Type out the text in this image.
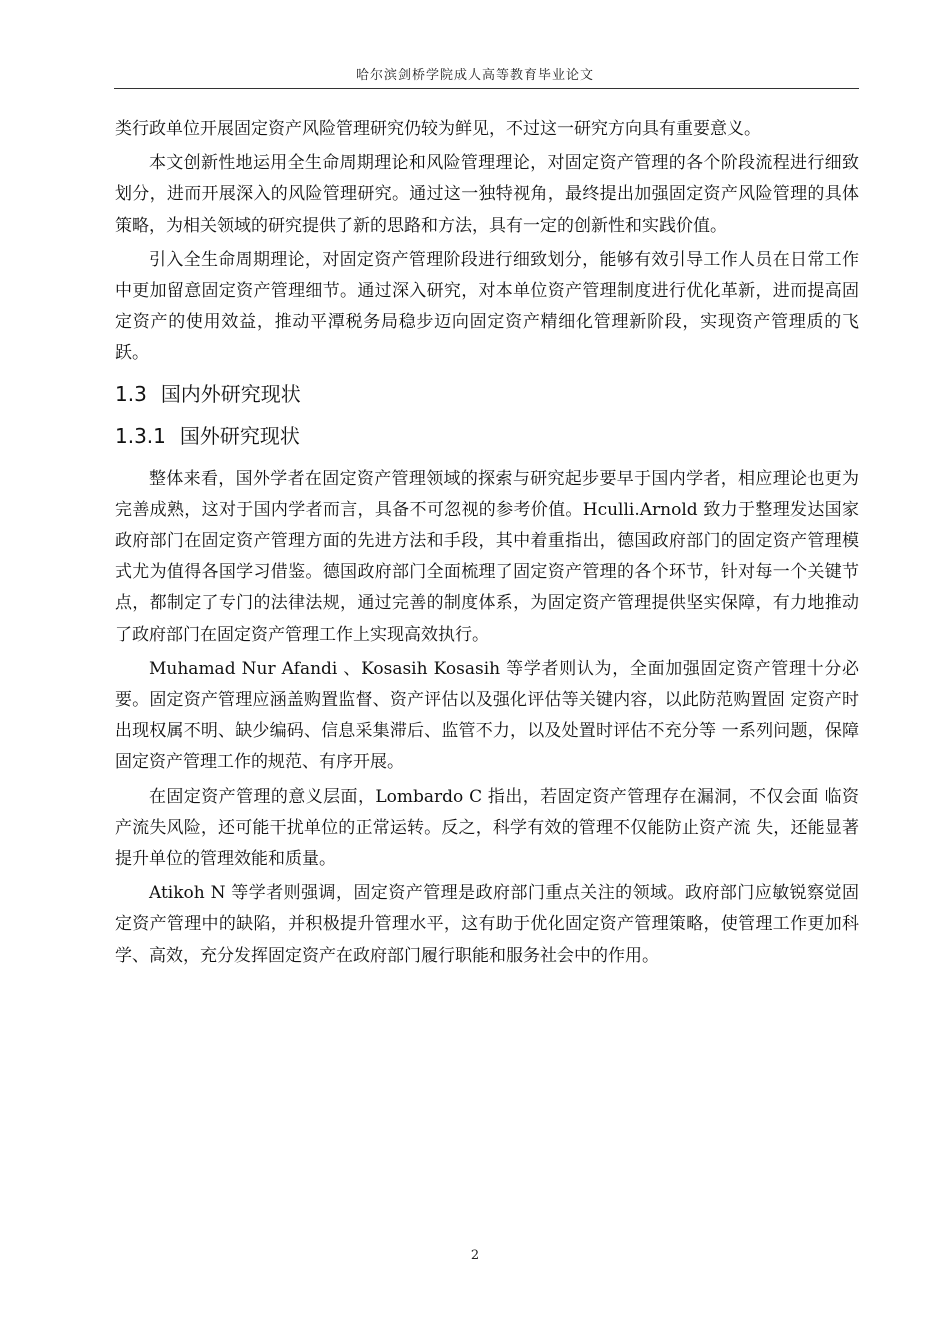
哈尔滨剑桥学院成人高等教育毕业论文

类行政单位开展固定资产风险管理研究仍较为鲜见，不过这一研究方向具有重要意义。

本文创新性地运用全生命周期理论和风险管理理论，对固定资产管理的各个阶段流程进行细致划分，进而开展深入的风险管理研究。通过这一独特视角，最终提出加强固定资产风险管理的具体策略，为相关领域的研究提供了新的思路和方法，具有一定的创新性和实践价值。

引入全生命周期理论，对固定资产管理阶段进行细致划分，能够有效引导工作人员在日常工作中更加留意固定资产管理细节。通过深入研究，对本单位资产管理制度进行优化革新，进而提高固定资产的使用效益，推动平潭税务局稳步迈向固定资产精细化管理新阶段，实现资产管理质的飞跃。

1.3 国内外研究现状
1.3.1 国外研究现状

整体来看，国外学者在固定资产管理领域的探索与研究起步要早于国内学者，相应理论也更为完善成熟，这对于国内学者而言，具备不可忽视的参考价值。Hculli.Arnold 致力于整理发达国家政府部门在固定资产管理方面的先进方法和手段，其中着重指出，德国政府部门的固定资产管理模式尤为值得各国学习借鉴。德国政府部门全面梳理了固定资产管理的各个环节，针对每一个关键节点，都制定了专门的法律法规，通过完善的制度体系，为固定资产管理提供坚实保障，有力地推动了政府部门在固定资产管理工作上实现高效执行。

Muhamad Nur Afandi 、Kosasih Kosasih 等学者则认为，全面加强固定资产管理十分必 要。固定资产管理应涵盖购置监督、资产评估以及强化评估等关键内容，以此防范购置固 定资产时出现权属不明、缺少编码、信息采集滞后、监管不力，以及处置时评估不充分等 一系列问题，保障固定资产管理工作的规范、有序开展。

在固定资产管理的意义层面，Lombardo C 指出，若固定资产管理存在漏洞，不仅会面 临资产流失风险，还可能干扰单位的正常运转。反之，科学有效的管理不仅能防止资产流 失，还能显著提升单位的管理效能和质量。

Atikoh N 等学者则强调，固定资产管理是政府部门重点关注的领域。政府部门应敏锐察觉固定资产管理中的缺陷，并积极提升管理水平，这有助于优化固定资产管理策略，使管理工作更加科学、高效，充分发挥固定资产在政府部门履行职能和服务社会中的作用。

2
